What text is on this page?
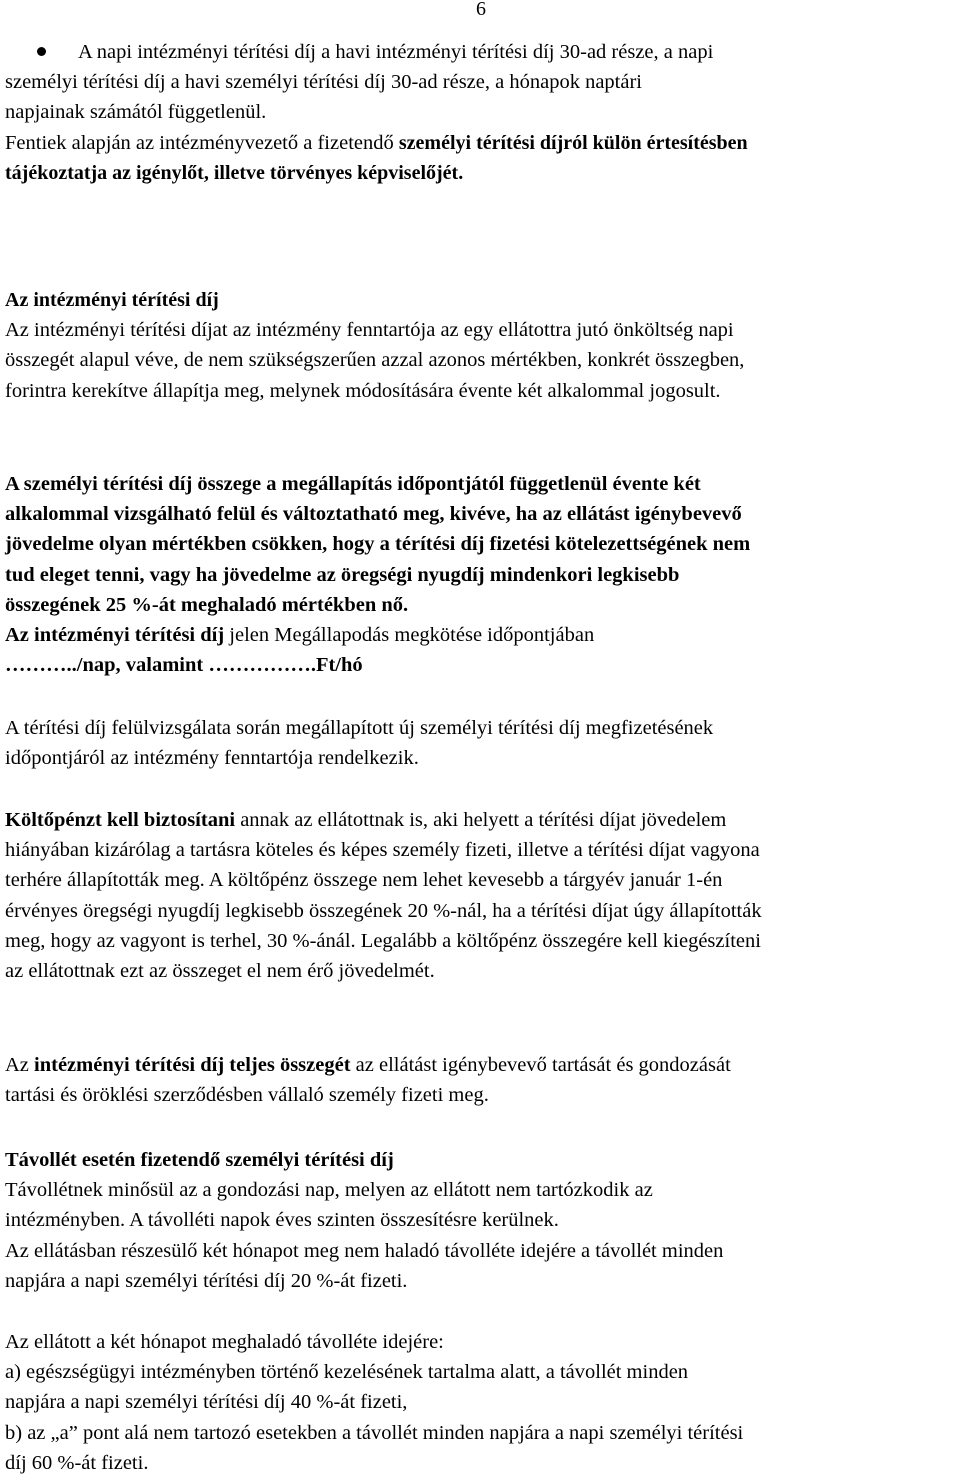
6
A napi intézményi térítési díj a havi intézményi térítési díj 30-ad része, a napi
személyi térítési díj a havi személyi térítési díj 30-ad része, a hónapok naptári
napjainak számától függetlenül.
Fentiek alapján az intézményvezető a fizetendő személyi térítési díjról külön értesítésben
tájékoztatja az igénylőt, illetve törvényes képviselőjét.
Az intézményi térítési díj
Az intézményi térítési díjat az intézmény fenntartója az egy ellátottra jutó önköltség napi
összegét alapul véve, de nem szükségszerűen azzal azonos mértékben, konkrét összegben,
forintra kerekítve állapítja meg, melynek módosítására évente két alkalommal jogosult.
A személyi térítési díj összege a megállapítás időpontjától függetlenül évente két
alkalommal vizsgálható felül és változtatható meg, kivéve, ha az ellátást igénybevevő
jövedelme olyan mértékben csökken, hogy a térítési díj fizetési kötelezettségének nem
tud eleget tenni, vagy ha jövedelme az öregségi nyugdíj mindenkori legkisebb
összegének 25 %-át meghaladó mértékben nő.
Az intézményi térítési díj jelen Megállapodás megkötése időpontjában
………../nap, valamint …………….Ft/hó
A térítési díj felülvizsgálata során megállapított új személyi térítési díj megfizetésének
időpontjáról az intézmény fenntartója rendelkezik.
Költőpénzt kell biztosítani annak az ellátottnak is, aki helyett a térítési díjat jövedelem
hiányában kizárólag a tartásra köteles és képes személy fizeti, illetve a térítési díjat vagyona
terhére állapították meg. A költőpénz összege nem lehet kevesebb a tárgyév január 1-én
érvényes öregségi nyugdíj legkisebb összegének 20 %-nál, ha a térítési díjat úgy állapították
meg, hogy az vagyont is terhel, 30 %-ánál. Legalább a költőpénz összegére kell kiegészíteni
az ellátottnak ezt az összeget el nem érő jövedelmét.
Az intézményi térítési díj teljes összegét az ellátást igénybevevő tartását és gondozását
tartási és öröklési szerződésben vállaló személy fizeti meg.
Távollét esetén fizetendő személyi térítési díj
Távollétnek minősül az a gondozási nap, melyen az ellátott nem tartózkodik az
intézményben. A távolléti napok éves szinten összesítésre kerülnek.
Az ellátásban részesülő két hónapot meg nem haladó távolléte idejére a távollét minden
napjára a napi személyi térítési díj 20 %-át fizeti.
Az ellátott a két hónapot meghaladó távolléte idejére:
a) egészségügyi intézményben történő kezelésének tartalma alatt, a távollét minden
napjára a napi személyi térítési díj 40 %-át fizeti,
b) az „a” pont alá nem tartozó esetekben a távollét minden napjára a napi személyi térítési
díj 60 %-át fizeti.
